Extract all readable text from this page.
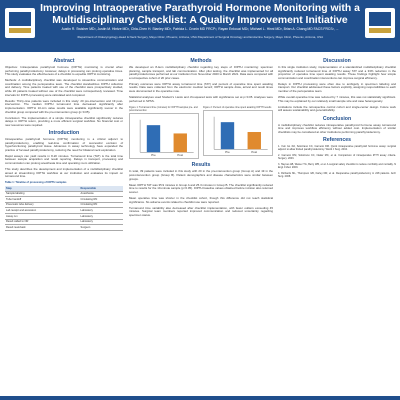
Improving Intraoperative Parathyroid Hormone Monitoring with a Multidisciplinary Checklist: A Quality Improvement Initiative
Austin R. Swisher MD¹, Justin M. Hintze MD², Chia-Chen H. Stanley MD³, Patricia L. Cronin MD FRCP², Rayan Enkouzi MD², Michael L. Hinni MD², Brian A. Chang MD FACS FRCS², ...
¹Department of Otolaryngology-Head & Neck Surgery, Mayo Clinic, Phoenix, Arizona, USA ²Department of Surgical Oncology and Endocrine Surgery, Mayo Clinic, Phoenix, Arizona, USA
Abstract
Objective: Intraoperative parathyroid hormone (IOPTH) monitoring is crucial when performing parathyroidectomy. However, delays in processing can prolong operative times. This study evaluates the effectiveness of a checklist to expedite IOPTH monitoring.
Methods: A multidisciplinary checklist was developed to streamline communication and coordination among the perioperative team. The checklist standardizes IOPTH collection and delivery. Time patients treated with use of the checklist were prospectively studied, while 20 patients treated without use of the checklist were retrospectively reviewed. Time intervals for IOPTH processing were calculated and compared.
Results: Thirty-nine patients were included in this study: 20 pre-intervention and 19 post-intervention. The median IOPTH turnaround time decreased significantly after implementation. IOPTH 10-min value results were available significantly sooner in the checklist group compared with the pre-intervention group (p<0.05).
Conclusion: The implementation of a simple intraoperative checklist significantly reduces delays in IOPTH return, providing a more efficient surgical workflow. No financial cost or new resources were required.
Introduction
Intraoperative parathyroid hormone (IOPTH) monitoring is a critical adjunct to parathyroidectomy, enabling real-time confirmation of successful excision of hyperfunctioning parathyroid tissue. Advances in assay technology have expanded the practice of focused parathyroidectomy, reducing the need for bilateral neck exploration.
Rapid assays can yield results in 8-20 minutes. Turnaround time (TAT) is the total time between sample acquisition and result reporting. Delays in transport, processing and communication can prolong anesthesia time and operating room utilization.
This study describes the development and implementation of a multidisciplinary checklist aimed at streamlining IOPTH workflow at our institution and evaluates its impact on turnaround time.
Table 1: Timeline of processing of IOPTH samples
Step	Responsible
Sample labeling	Anesthesia
Tube handoff	Circulating RN
Pneumatic tube delivery	Circulating RN
Lab receipt and accession	Laboratory
Assay run	Laboratory
Result called to OR	Laboratory
Result read-back	Surgeon
Methods
We developed an 8-item multidisciplinary checklist regarding key steps of IOPTH monitoring: specimen planning, sample transport, and lab communication. After pilot testing, the checklist was implemented for all parathyroidectomies performed at our institution from November 2020 to March 2021. Data were compared with a retrospective cohort of 20 prior cases.
Primary outcomes were IOPTH assay turnaround time (TAT) and percent of operative time spent awaiting results. Data were collected from the electronic medical record; IOPTH sample draw, arrival and result times were documented in the operative note.
Statistical analyses used Student's t-tests and chi-squared tests with significance set at p<0.05. Analyses were performed in SPSS.
Figure 1: Turnaround time (minutes) for IOPTH samples pre- and post-intervention
Pre	Post
Figure 2: Percent of operative time spent awaiting IOPTH results
Pre	Post
Results
In total, 39 patients were included in this study with 20 in the pre-intervention group (Group A) and 19 in the post-intervention group (Group B). Patient demographics and disease characteristics were similar between groups.
Mean IOPTH TAT was 35.9 minutes in Group A and 25.3 minutes in Group B. The checklist significantly reduced time to results for the 10-minute sample (p<0.05). IOPTH baseline values obtained before incision also returned sooner.
Mean operative time was shorter in the checklist cohort, though this difference did not reach statistical significance. No adverse events related to checklist use were reported.
Turnaround time variability also decreased after checklist implementation, with fewer outliers exceeding 45 minutes. Surgical team members reported improved communication and reduced uncertainty regarding specimen status.
Discussion
In this single institution study, implementation of a standardized multidisciplinary checklist significantly reduced turnaround time of IOPTH assay TAT and a 33% reduction in the proportion of operative time spent awaiting results. These findings highlight how simple communication and coordination interventions can improve surgical efficiency.
Delays in IOPTH processing were often due to ambiguity in specimen labeling and transport. Our checklist addressed these factors explicitly, assigning responsibilities to each member of the perioperative team.
While overall operative time was reduced by 7 minutes, this was not statistically significant. This may be explained by our relatively small sample size and case heterogeneity.
Limitations include the retrospective control cohort and single-center design. Future work will assess sustainability and generalizability.
Conclusion
A multidisciplinary checklist reduces intraoperative parathyroid hormone assay turnaround time and improves workflow efficiency without added cost. Implementation of similar checklists may be considered at other institutions performing parathyroidectomy.
References
1. Irvin GL 3rd, Solorzano CC, Carneiro DM. Quick intraoperative parathyroid hormone assay: surgical adjunct to allow limited parathyroidectomy. World J Surg. 2004.
2. Carneiro DM, Solorzano CC, Nader MC, et al. Comparison of intraoperative iPTH assay criteria. Surgery. 2003.
3. Haynes AB, Weiser TG, Berry WR, et al. A surgical safety checklist to reduce morbidity and mortality. N Engl J Med. 2009.
4. Richards ML, Thompson GB, Farley DR, et al. Reoperative parathyroidectomy in 228 patients. Arch Surg. 2008.
